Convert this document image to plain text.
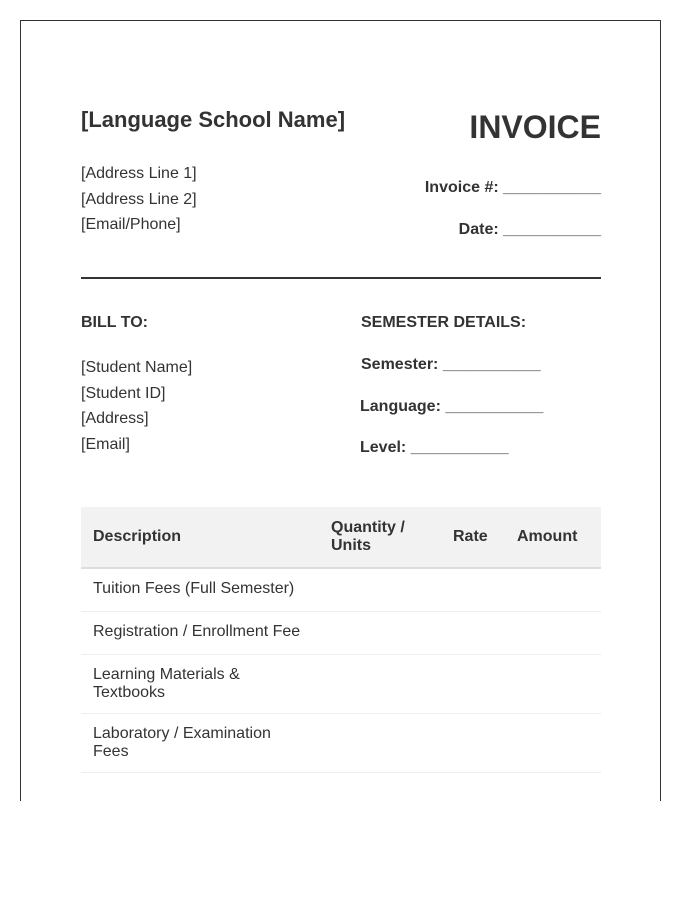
[Language School Name]	INVOICE
[Address Line 1]
[Address Line 2]
[Email/Phone]
Invoice #: ___________
Date: ___________
BILL TO:
[Student Name]
[Student ID]
[Address]
[Email]
SEMESTER DETAILS:
Semester: ___________
Language: ___________
Level: ___________
Description	Quantity / Units	Rate	Amount
Tuition Fees (Full Semester)			
Registration / Enrollment Fee			
Learning Materials & Textbooks			
Laboratory / Examination Fees			
